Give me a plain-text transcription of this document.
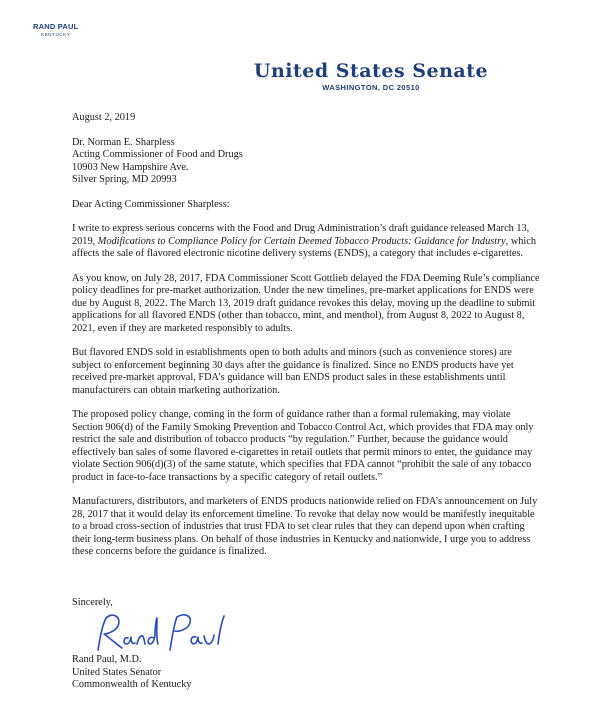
RAND PAUL
KENTUCKY
United States Senate
WASHINGTON, DC 20510

August 2, 2019

Dr. Norman E. Sharpless

Acting Commissioner of Food and Drugs

10903 New Hampshire Ave.

Silver Spring, MD 20993

Dear Acting Commissioner Sharpless:

I write to express serious concerns with the Food and Drug Administration’s draft guidance released March 13, 2019, Modifications to Compliance Policy for Certain Deemed Tobacco Products: Guidance for Industry, which affects the sale of flavored electronic nicotine delivery systems (ENDS), a category that includes e-cigarettes.

As you know, on July 28, 2017, FDA Commissioner Scott Gottlieb delayed the FDA Deeming Rule’s compliance policy deadlines for pre-market authorization. Under the new timelines, pre-market applications for ENDS were due by August 8, 2022. The March 13, 2019 draft guidance revokes this delay, moving up the deadline to submit applications for all flavored ENDS (other than tobacco, mint, and menthol), from August 8, 2022 to August 8, 2021, even if they are marketed responsibly to adults.

But flavored ENDS sold in establishments open to both adults and minors (such as convenience stores) are subject to enforcement beginning 30 days after the guidance is finalized. Since no ENDS products have yet received pre-market approval, FDA’s guidance will ban ENDS product sales in these establishments until manufacturers can obtain marketing authorization.

The proposed policy change, coming in the form of guidance rather than a formal rulemaking, may violate Section 906(d) of the Family Smoking Prevention and Tobacco Control Act, which provides that FDA may only restrict the sale and distribution of tobacco products “by regulation.” Further, because the guidance would effectively ban sales of some flavored e-cigarettes in retail outlets that permit minors to enter, the guidance may violate Section 906(d)(3) of the same statute, which specifies that FDA cannot “prohibit the sale of any tobacco product in face-to-face transactions by a specific category of retail outlets.”

Manufacturers, distributors, and marketers of ENDS products nationwide relied on FDA’s announcement on July 28, 2017 that it would delay its enforcement timeline. To revoke that delay now would be manifestly inequitable to a broad cross-section of industries that trust FDA to set clear rules that they can depend upon when crafting their long-term business plans. On behalf of those industries in Kentucky and nationwide, I urge you to address these concerns before the guidance is finalized.

Sincerely,
Rand Paul, M.D.
United States Senator
Commonwealth of Kentucky
